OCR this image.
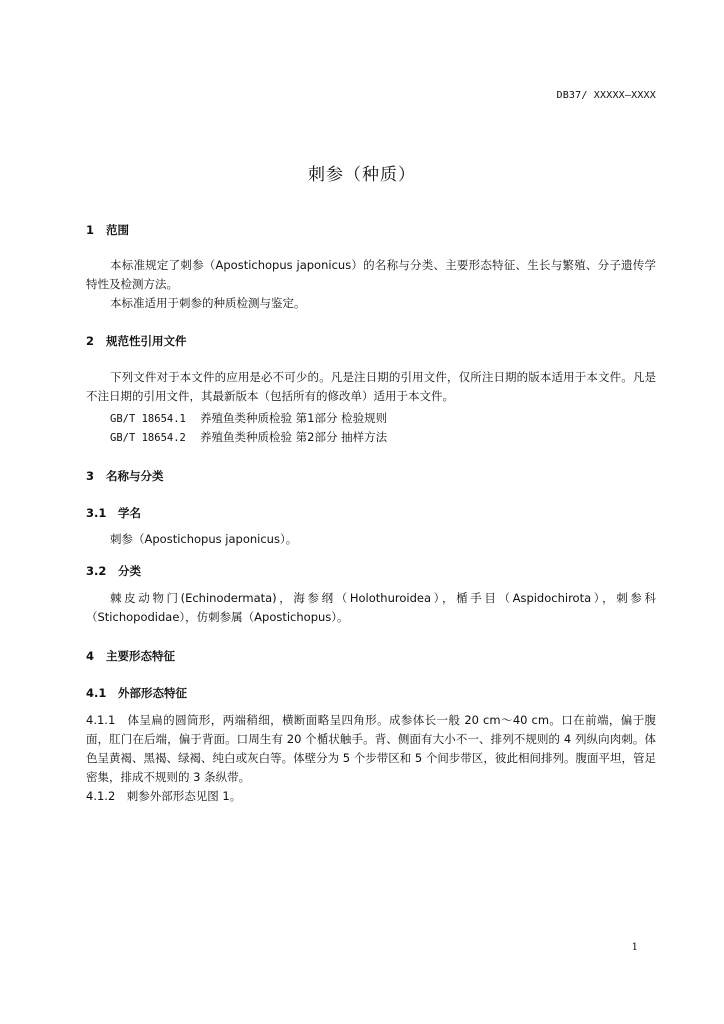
DB37/ XXXXX—XXXX
刺参（种质）
1 范围
本标准规定了刺参（Apostichopus japonicus）的名称与分类、主要形态特征、生长与繁殖、分子遗传学特性及检测方法。
本标准适用于刺参的种质检测与鉴定。
2 规范性引用文件
下列文件对于本文件的应用是必不可少的。凡是注日期的引用文件，仅所注日期的版本适用于本文件。凡是不注日期的引用文件，其最新版本（包括所有的修改单）适用于本文件。
GB/T 18654.1 养殖鱼类种质检验 第1部分 检验规则
GB/T 18654.2 养殖鱼类种质检验 第2部分 抽样方法
3 名称与分类
3.1 学名
刺参（Apostichopus japonicus）。
3.2 分类
棘皮动物门(Echinodermata)，海参纲（Holothuroidea），楯手目（Aspidochirota），刺参科（Stichopodidae），仿刺参属（Apostichopus）。
4 主要形态特征
4.1 外部形态特征
4.1.1　体呈扁的圆筒形，两端稍细，横断面略呈四角形。成参体长一般 20 cm～40 cm。口在前端，偏于腹面，肛门在后端，偏于背面。口周生有 20 个楯状触手。背、侧面有大小不一、排列不规则的 4 列纵向肉刺。体色呈黄褐、黑褐、绿褐、纯白或灰白等。体壁分为 5 个步带区和 5 个间步带区，彼此相间排列。腹面平坦，管足密集，排成不规则的 3 条纵带。
4.1.2　刺参外部形态见图 1。
1
